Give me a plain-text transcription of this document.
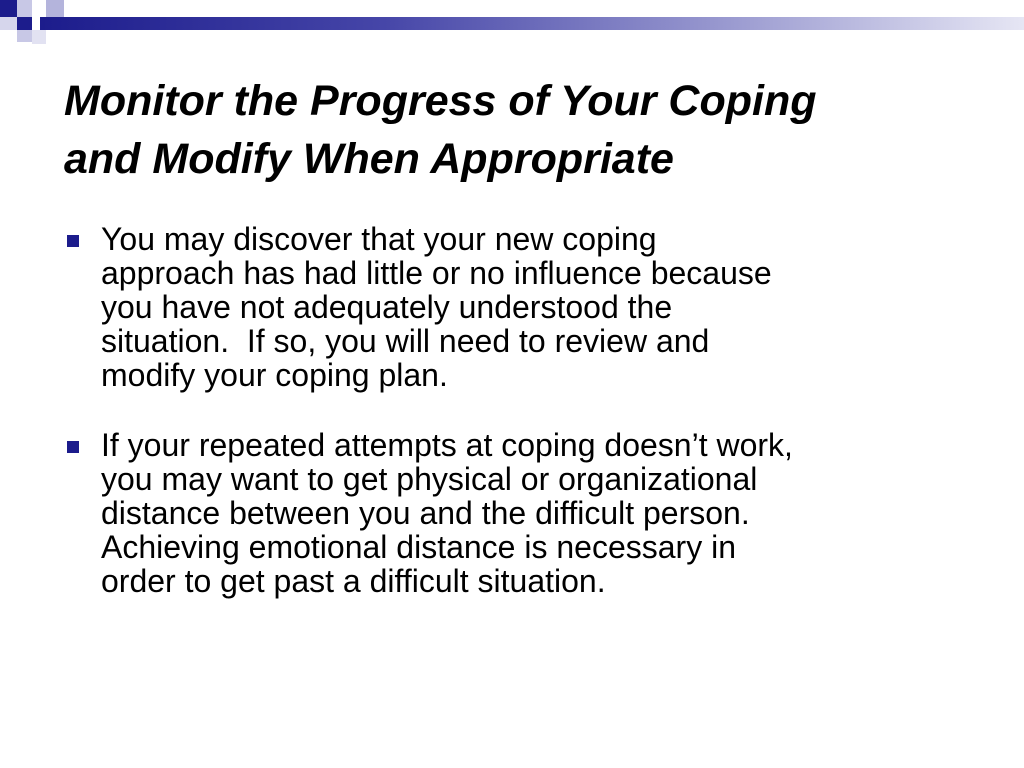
Monitor the Progress of Your Coping
and Modify When Appropriate
You may discover that your new coping
approach has had little or no influence because
you have not adequately understood the
situation.  If so, you will need to review and
modify your coping plan.
If your repeated attempts at coping doesn’t work,
you may want to get physical or organizational
distance between you and the difficult person.
Achieving emotional distance is necessary in
order to get past a difficult situation.
